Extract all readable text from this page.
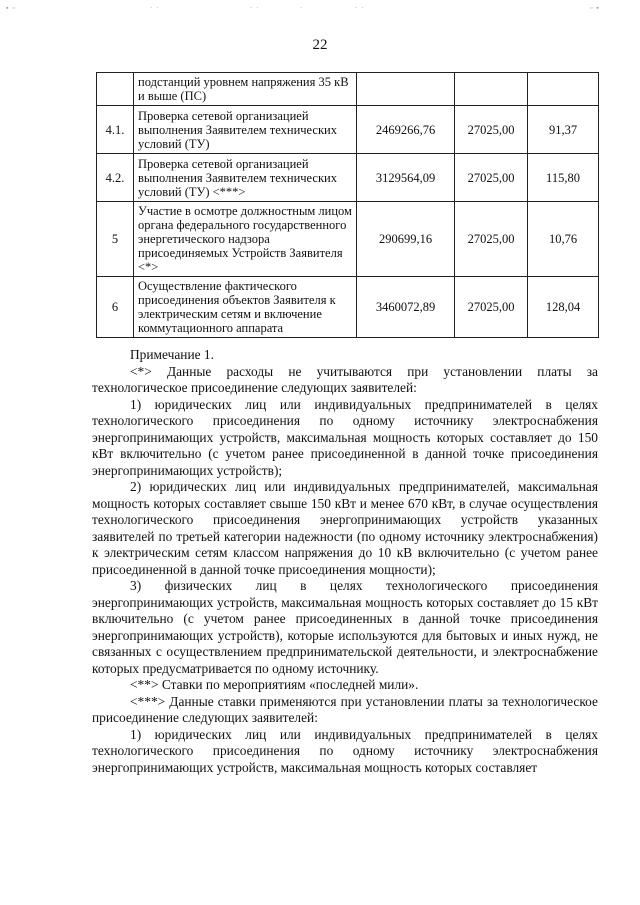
▪ ▫	· ·	· ·	·	· ·	▫ ▪
22
	подстанций уровнем напряжения 35 кВ и выше (ПС)			
4.1.	Проверка сетевой организацией выполнения Заявителем технических условий (ТУ)	2469266,76	27025,00	91,37
4.2.	Проверка сетевой организацией выполнения Заявителем технических условий (ТУ) <***>	3129564,09	27025,00	115,80
5	Участие в осмотре должностным лицом органа федерального государственного энергетического надзора присоединяемых Устройств Заявителя <*>	290699,16	27025,00	10,76
6	Осуществление фактического присоединения объектов Заявителя к электрическим сетям и включение коммутационного аппарата	3460072,89	27025,00	128,04

Примечание 1.

<*> Данные расходы не учитываются при установлении платы за технологическое присоединение следующих заявителей:

1) юридических лиц или индивидуальных предпринимателей в целях технологического присоединения по одному источнику электроснабжения энергопринимающих устройств, максимальная мощность которых составляет до 150 кВт включительно (с учетом ранее присоединенной в данной точке присоединения энергопринимающих устройств);

2) юридических лиц или индивидуальных предпринимателей, максимальная мощность которых составляет свыше 150 кВт и менее 670 кВт, в случае осуществления технологического присоединения энергопринимающих устройств указанных заявителей по третьей категории надежности (по одному источнику электроснабжения) к электрическим сетям классом напряжения до 10 кВ включительно (с учетом ранее присоединенной в данной точке присоединения мощности);

3) физических лиц в целях технологического присоединения энергопринимающих устройств, максимальная мощность которых составляет до 15 кВт включительно (с учетом ранее присоединенных в данной точке присоединения энергопринимающих устройств), которые используются для бытовых и иных нужд, не связанных с осуществлением предпринимательской деятельности, и электроснабжение которых предусматривается по одному источнику.

<**> Ставки по мероприятиям «последней мили».

<***> Данные ставки применяются при установлении платы за технологическое присоединение следующих заявителей:

1) юридических лиц или индивидуальных предпринимателей в целях технологического присоединения по одному источнику электроснабжения энергопринимающих устройств, максимальная мощность которых составляет
